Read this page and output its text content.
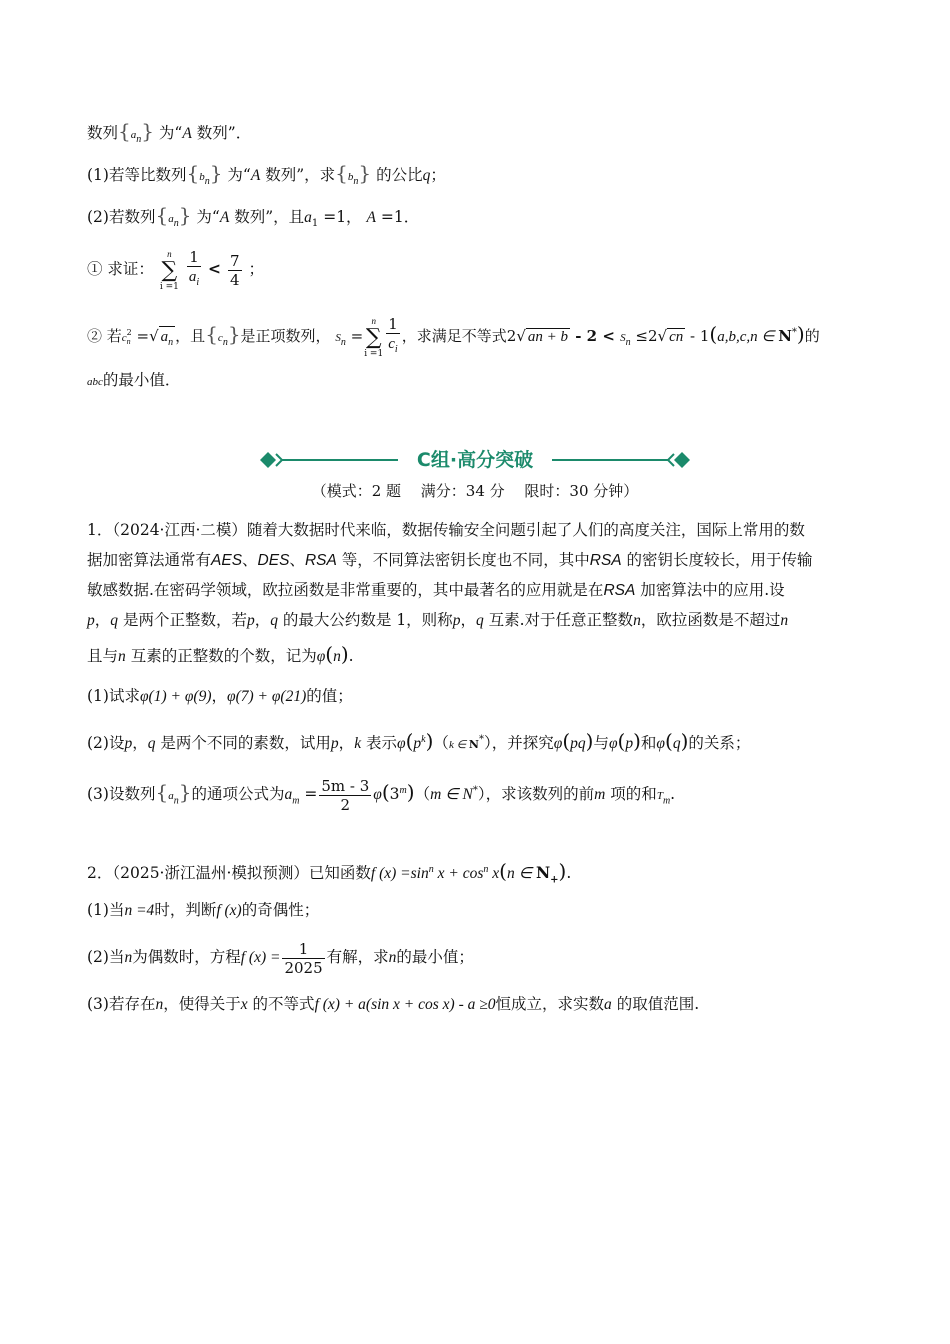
数列$\{a_n\}$ 为“A 数列”．
(1)若等比数列$\{b_n\}$ 为“A 数列”，求$\{b_n\}$ 的公比q；
(2)若数列$\{a_n\}$ 为“A 数列”，且$a_1 =1$， A =1．
① 求证： n
∑
$i =1 \frac{1}{a_i} < \frac{7}{4}$ ；
② 若c 2
n =√ $a_n$ ，且$\{c_n\}$是正项数列， $S_n =n$
∑
$i =1 \frac{1}{c_i}$ ，求满足不等式2√ an + $b - 2 < S_n \le 2√$ cn - 1(a,b,c,n ∈ N*)的
abc的最小值．
C组·高分突破
（模式：2 题　 满分：34 分　 限时：30 分钟）
1．（2024·江西·二模）随着大数据时代来临，数据传输安全问题引起了人们的高度关注，国际上常用的数
据加密算法通常有AES、DES、RSA 等，不同算法密钥长度也不同，其中RSA 的密钥长度较长，用于传输
敏感数据.在密码学领域，欧拉函数是非常重要的，其中最著名的应用就是在RSA 加密算法中的应用.设
p，q 是两个正整数，若p，q 的最大公约数是 1，则称p，q 互素.对于任意正整数n，欧拉函数是不超过n
且与n 互素的正整数的个数，记为φ(n).
(1)试求φ(1) + φ(9)，φ(7) + φ(21)的值；
(2)设p，q 是两个不同的素数，试用p，k 表示$\varphi(p^k)(k$ ∈ N*），并探究φ(pq)与φ(p)和φ(q)的关系；
(3)设数列$\{a_n\}$的通项公式为$a_m = \frac{5m - 3}{2} \varphi(3^m)(m$ ∈ N*），求该数列的前m 项的和$T_m$.
2．（2025·浙江温州·模拟预测）已知函数f $(x) =\sin^n$ $x + \cos^n x(n$ ∈ $N_+$).
(1)当n =4时，判断f (x)的奇偶性；
(2)当n为偶数时，方程f $(x) = \frac{1}{2025}$ 有解，求n的最小值；
(3)若存在n，使得关于x 的不等式f (x) + a(sin x + cos x) - a ≥0恒成立，求实数a 的取值范围.
